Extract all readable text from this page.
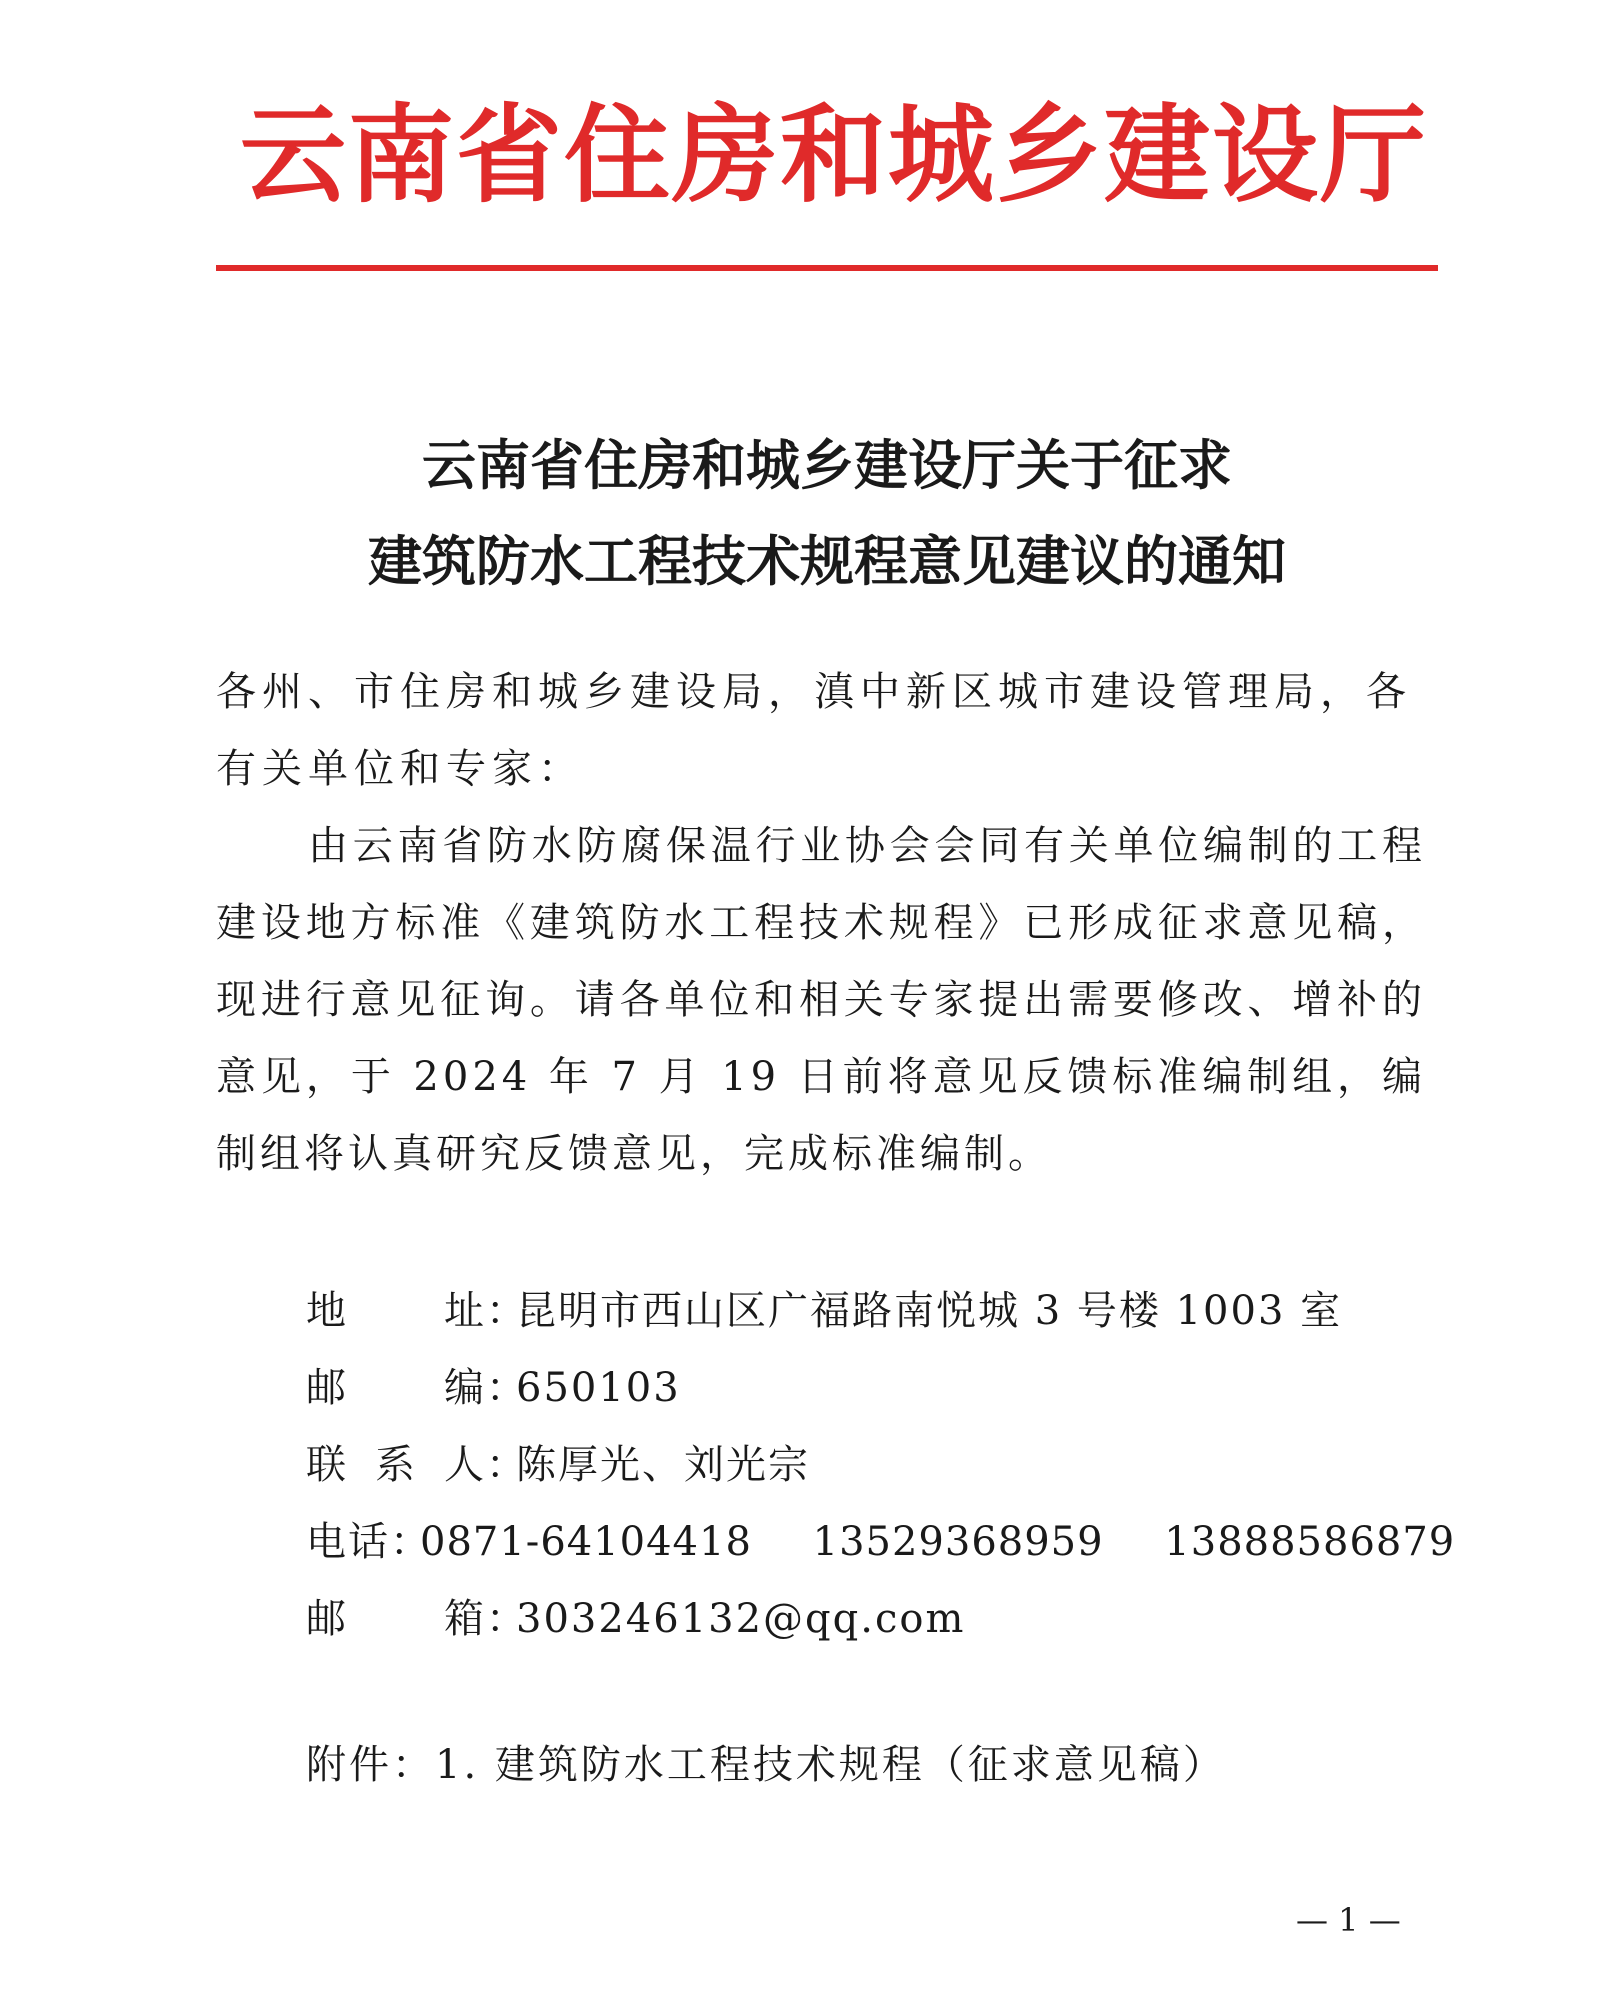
云南省住房和城乡建设厅
云南省住房和城乡建设厅关于征求
建筑防水工程技术规程意见建议的通知
各州、市住房和城乡建设局，滇中新区城市建设管理局，各有关单位和专家：
由云南省防水防腐保温行业协会会同有关单位编制的工程建设地方标准《建筑防水工程技术规程》已形成征求意见稿，现进行意见征询。请各单位和相关专家提出需要修改、增补的意见，于 2024 年 7 月 19 日前将意见反馈标准编制组，编制组将认真研究反馈意见，完成标准编制。
地址 ：
昆明市西山区广福路南悦城 3 号楼 1003 室
邮编 ：
650103
联系人 ：
陈厚光、刘光宗
电话 ：
0871-64104418 13529368959 13888586879
邮箱 ：
303246132@qq.com
附件：1. 建筑防水工程技术规程（征求意见稿）
— 1 —
